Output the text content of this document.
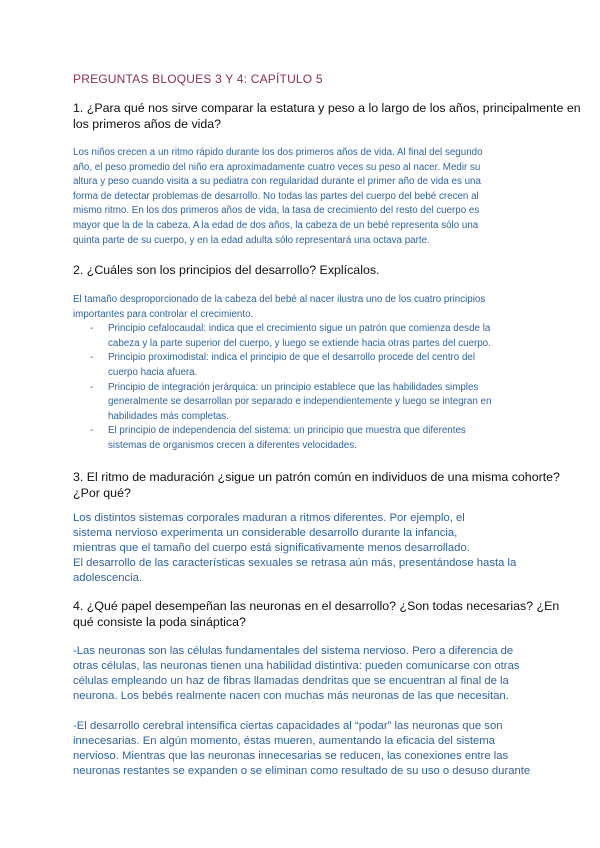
PREGUNTAS BLOQUES 3 Y 4: CAPÍTULO 5
1. ¿Para qué nos sirve comparar la estatura y peso a lo largo de los años, principalmente en
los primeros años de vida?
Los niños crecen a un ritmo rápido durante los dos primeros años de vida. Al final del segundo
año, el peso promedio del niño era aproximadamente cuatro veces su peso al nacer. Medir su
altura y peso cuando visita a su pediatra con regularidad durante el primer año de vida es una
forma de detectar problemas de desarrollo. No todas las partes del cuerpo del bebé crecen al
mismo ritmo. En los dos primeros años de vida, la tasa de crecimiento del resto del cuerpo es
mayor que la de la cabeza. A la edad de dos años, la cabeza de un bebé representa sólo una
quinta parte de su cuerpo, y en la edad adulta sólo representará una octava parte.
2. ¿Cuáles son los principios del desarrollo? Explícalos.
El tamaño desproporcionado de la cabeza del bebé al nacer ilustra uno de los cuatro principios
importantes para controlar el crecimiento.
- Principio cefalocaudal: indica que el crecimiento sigue un patrón que comienza desde la
cabeza y la parte superior del cuerpo, y luego se extiende hacia otras partes del cuerpo.
- Principio proximodistal: indica el principio de que el desarrollo procede del centro del
cuerpo hacia afuera.
- Principio de integración jerárquica: un principio establece que las habilidades simples
generalmente se desarrollan por separado e independientemente y luego se integran en
habilidades más completas.
- El principio de independencia del sistema: un principio que muestra que diferentes
sistemas de organismos crecen a diferentes velocidades.
3. El ritmo de maduración ¿sigue un patrón común en individuos de una misma cohorte?
¿Por qué?
Los distintos sistemas corporales maduran a ritmos diferentes. Por ejemplo, el
sistema nervioso experimenta un considerable desarrollo durante la infancia,
mientras que el tamaño del cuerpo está significativamente menos desarrollado.
El desarrollo de las características sexuales se retrasa aún más, presentándose hasta la
adolescencia.
4. ¿Qué papel desempeñan las neuronas en el desarrollo? ¿Son todas necesarias? ¿En
qué consiste la poda sináptica?
-Las neuronas son las células fundamentales del sistema nervioso. Pero a diferencia de
otras células, las neuronas tienen una habilidad distintiva: pueden comunicarse con otras
células empleando un haz de fibras llamadas dendritas que se encuentran al final de la
neurona. Los bebés realmente nacen con muchas más neuronas de las que necesitan.
-El desarrollo cerebral intensifica ciertas capacidades al “podar” las neuronas que son
innecesarias. En algún momento, éstas mueren, aumentando la eficacia del sistema
nervioso. Mientras que las neuronas innecesarias se reducen, las conexiones entre las
neuronas restantes se expanden o se eliminan como resultado de su uso o desuso durante
